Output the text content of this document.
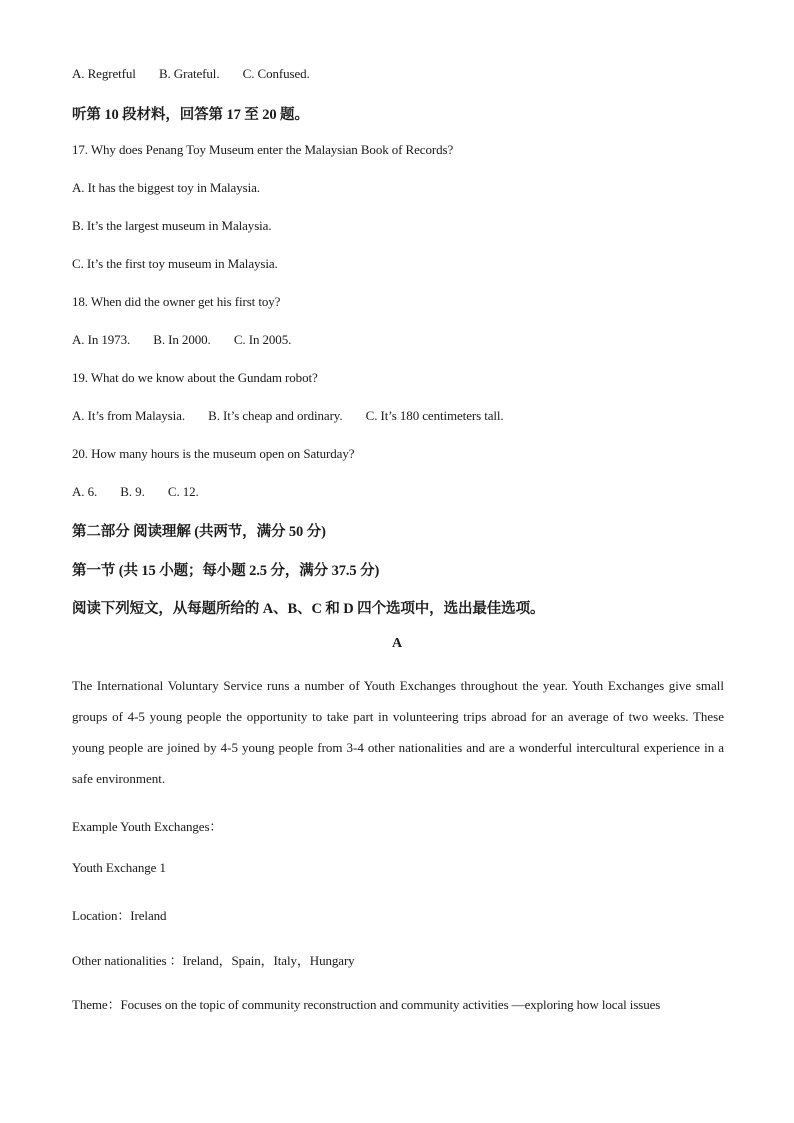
A. Regretful B. Grateful. C. Confused.
听第 10 段材料，回答第 17 至 20 题。
17. Why does Penang Toy Museum enter the Malaysian Book of Records?
A. It has the biggest toy in Malaysia.
B. It’s the largest museum in Malaysia.
C. It’s the first toy museum in Malaysia.
18. When did the owner get his first toy?
A. In 1973. B. In 2000. C. In 2005.
19. What do we know about the Gundam robot?
A. It’s from Malaysia. B. It’s cheap and ordinary. C. It’s 180 centimeters tall.
20. How many hours is the museum open on Saturday?
A. 6. B. 9. C. 12.
第二部分 阅读理解 (共两节，满分 50 分)
第一节 (共 15 小题；每小题 2.5 分，满分 37.5 分)
阅读下列短文，从每题所给的 A、B、C 和 D 四个选项中，选出最佳选项。
A
The International Voluntary Service runs a number of Youth Exchanges throughout the year. Youth Exchanges give small groups of 4-5 young people the opportunity to take part in volunteering trips abroad for an average of two weeks. These young people are joined by 4-5 young people from 3-4 other nationalities and are a wonderful intercultural experience in a safe environment.
Example Youth Exchanges：
Youth Exchange 1
Location：Ireland
Other nationalities ：Ireland，Spain，Italy，Hungary
Theme：Focuses on the topic of community reconstruction and community activities —exploring how local issues
